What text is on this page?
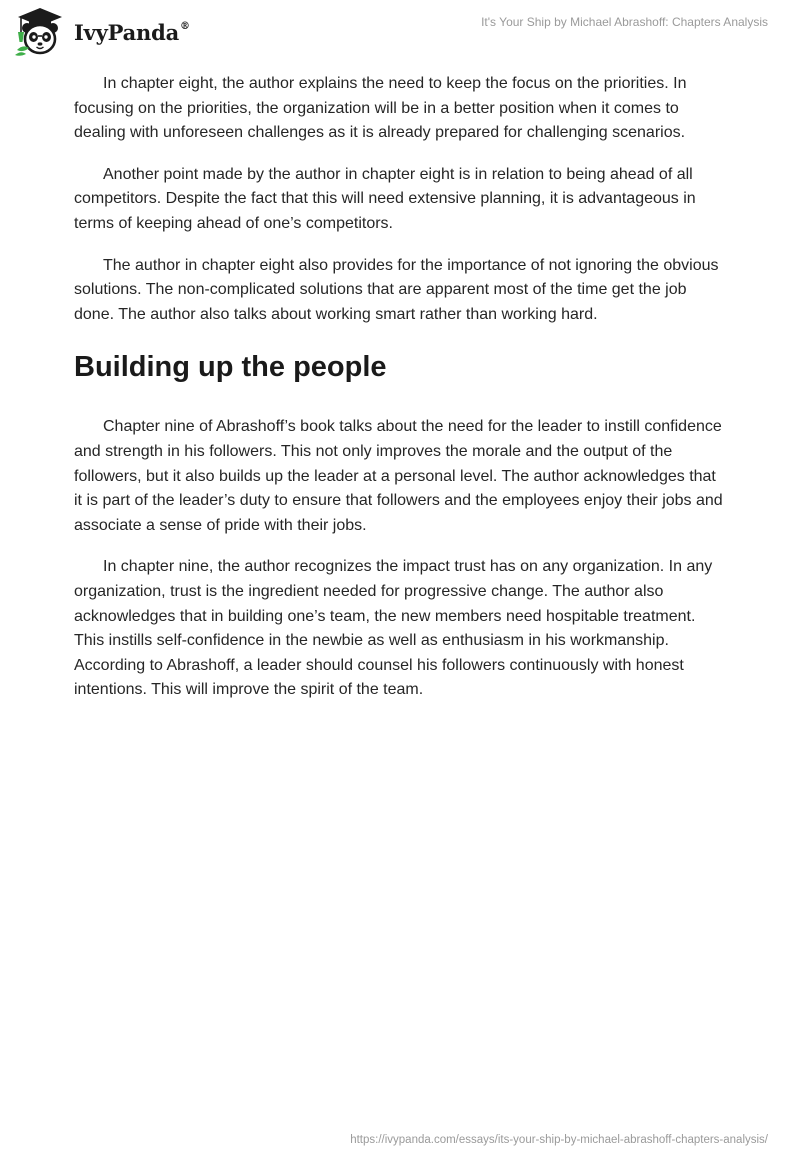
IvyPanda®	It's Your Ship by Michael Abrashoff: Chapters Analysis

In chapter eight, the author explains the need to keep the focus on the priorities. In focusing on the priorities, the organization will be in a better position when it comes to dealing with unforeseen challenges as it is already prepared for challenging scenarios.

Another point made by the author in chapter eight is in relation to being ahead of all competitors. Despite the fact that this will need extensive planning, it is advantageous in terms of keeping ahead of one’s competitors.

The author in chapter eight also provides for the importance of not ignoring the obvious solutions. The non-complicated solutions that are apparent most of the time get the job done. The author also talks about working smart rather than working hard.

Building up the people

Chapter nine of Abrashoff’s book talks about the need for the leader to instill confidence and strength in his followers. This not only improves the morale and the output of the followers, but it also builds up the leader at a personal level. The author acknowledges that it is part of the leader’s duty to ensure that followers and the employees enjoy their jobs and associate a sense of pride with their jobs.

In chapter nine, the author recognizes the impact trust has on any organization. In any organization, trust is the ingredient needed for progressive change. The author also acknowledges that in building one’s team, the new members need hospitable treatment. This instills self-confidence in the newbie as well as enthusiasm in his workmanship. According to Abrashoff, a leader should counsel his followers continuously with honest intentions. This will improve the spirit of the team.

https://ivypanda.com/essays/its-your-ship-by-michael-abrashoff-chapters-analysis/
